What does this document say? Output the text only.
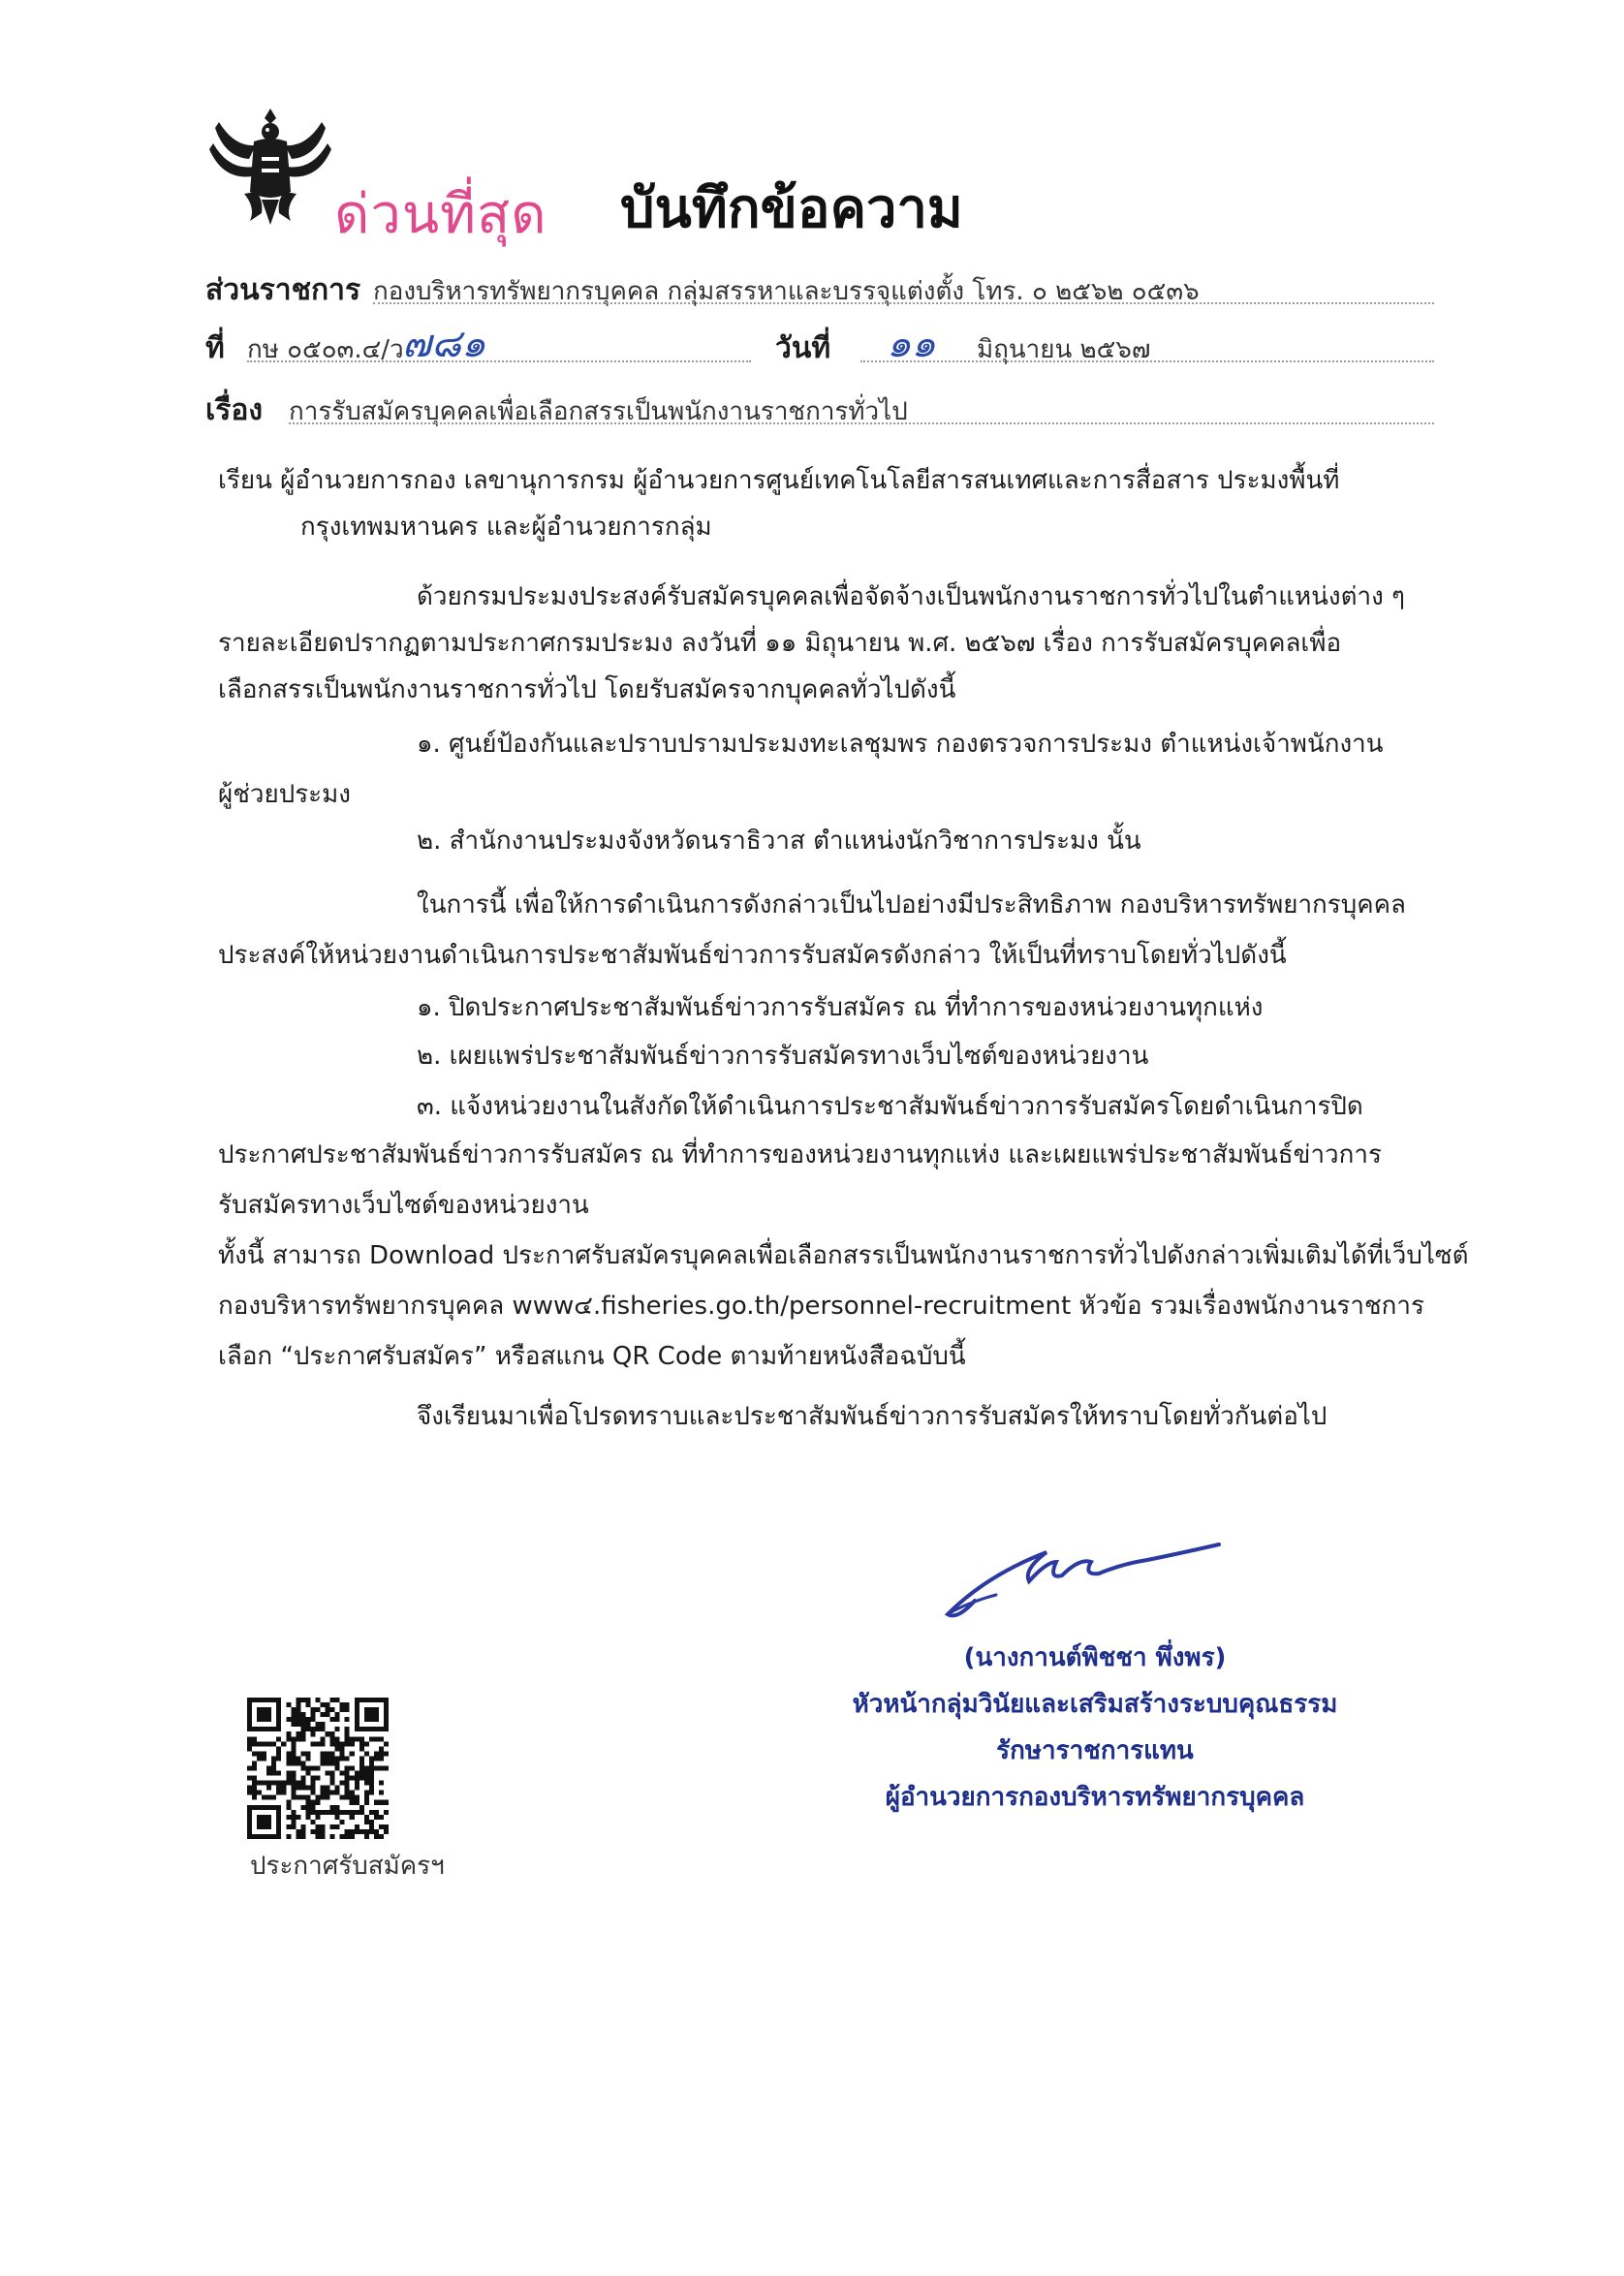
ด่วนที่สุด บันทึกข้อความ
ส่วนราชการ กองบริหารทรัพยากรบุคคล กลุ่มสรรหาและบรรจุแต่งตั้ง โทร. ๐ ๒๕๖๒ ๐๕๓๖
ที่ กษ ๐๕๐๓.๔/ว
๗๘๑	วันที่ ๑๑ มิถุนายน ๒๕๖๗
เรื่อง การรับสมัครบุคคลเพื่อเลือกสรรเป็นพนักงานราชการทั่วไป
เรียน ผู้อำนวยการกอง เลขานุการกรม ผู้อำนวยการศูนย์เทคโนโลยีสารสนเทศและการสื่อสาร ประมงพื้นที่
กรุงเทพมหานคร และผู้อำนวยการกลุ่ม
ด้วยกรมประมงประสงค์รับสมัครบุคคลเพื่อจัดจ้างเป็นพนักงานราชการทั่วไปในตำแหน่งต่าง ๆ
รายละเอียดปรากฏตามประกาศกรมประมง ลงวันที่ ๑๑ มิถุนายน พ.ศ. ๒๕๖๗ เรื่อง การรับสมัครบุคคลเพื่อ
เลือกสรรเป็นพนักงานราชการทั่วไป โดยรับสมัครจากบุคคลทั่วไปดังนี้
๑. ศูนย์ป้องกันและปราบปรามประมงทะเลชุมพร กองตรวจการประมง ตำแหน่งเจ้าพนักงาน
ผู้ช่วยประมง
๒. สำนักงานประมงจังหวัดนราธิวาส ตำแหน่งนักวิชาการประมง นั้น
ในการนี้ เพื่อให้การดำเนินการดังกล่าวเป็นไปอย่างมีประสิทธิภาพ กองบริหารทรัพยากรบุคคล
ประสงค์ให้หน่วยงานดำเนินการประชาสัมพันธ์ข่าวการรับสมัครดังกล่าว ให้เป็นที่ทราบโดยทั่วไปดังนี้
๑. ปิดประกาศประชาสัมพันธ์ข่าวการรับสมัคร ณ ที่ทำการของหน่วยงานทุกแห่ง
๒. เผยแพร่ประชาสัมพันธ์ข่าวการรับสมัครทางเว็บไซต์ของหน่วยงาน
๓. แจ้งหน่วยงานในสังกัดให้ดำเนินการประชาสัมพันธ์ข่าวการรับสมัครโดยดำเนินการปิด
ประกาศประชาสัมพันธ์ข่าวการรับสมัคร ณ ที่ทำการของหน่วยงานทุกแห่ง และเผยแพร่ประชาสัมพันธ์ข่าวการ
รับสมัครทางเว็บไซต์ของหน่วยงาน
ทั้งนี้ สามารถ Download ประกาศรับสมัครบุคคลเพื่อเลือกสรรเป็นพนักงานราชการทั่วไปดังกล่าวเพิ่มเติมได้ที่เว็บไซต์
กองบริหารทรัพยากรบุคคล www๔.fisheries.go.th/personnel-recruitment หัวข้อ รวมเรื่องพนักงานราชการ
เลือก “ประกาศรับสมัคร” หรือสแกน QR Code ตามท้ายหนังสือฉบับนี้
จึงเรียนมาเพื่อโปรดทราบและประชาสัมพันธ์ข่าวการรับสมัครให้ทราบโดยทั่วกันต่อไป
(นางกานต์พิชชา พึ่งพร)
หัวหน้ากลุ่มวินัยและเสริมสร้างระบบคุณธรรม
รักษาราชการแทน
ผู้อำนวยการกองบริหารทรัพยากรบุคคล
ประกาศรับสมัครฯ
